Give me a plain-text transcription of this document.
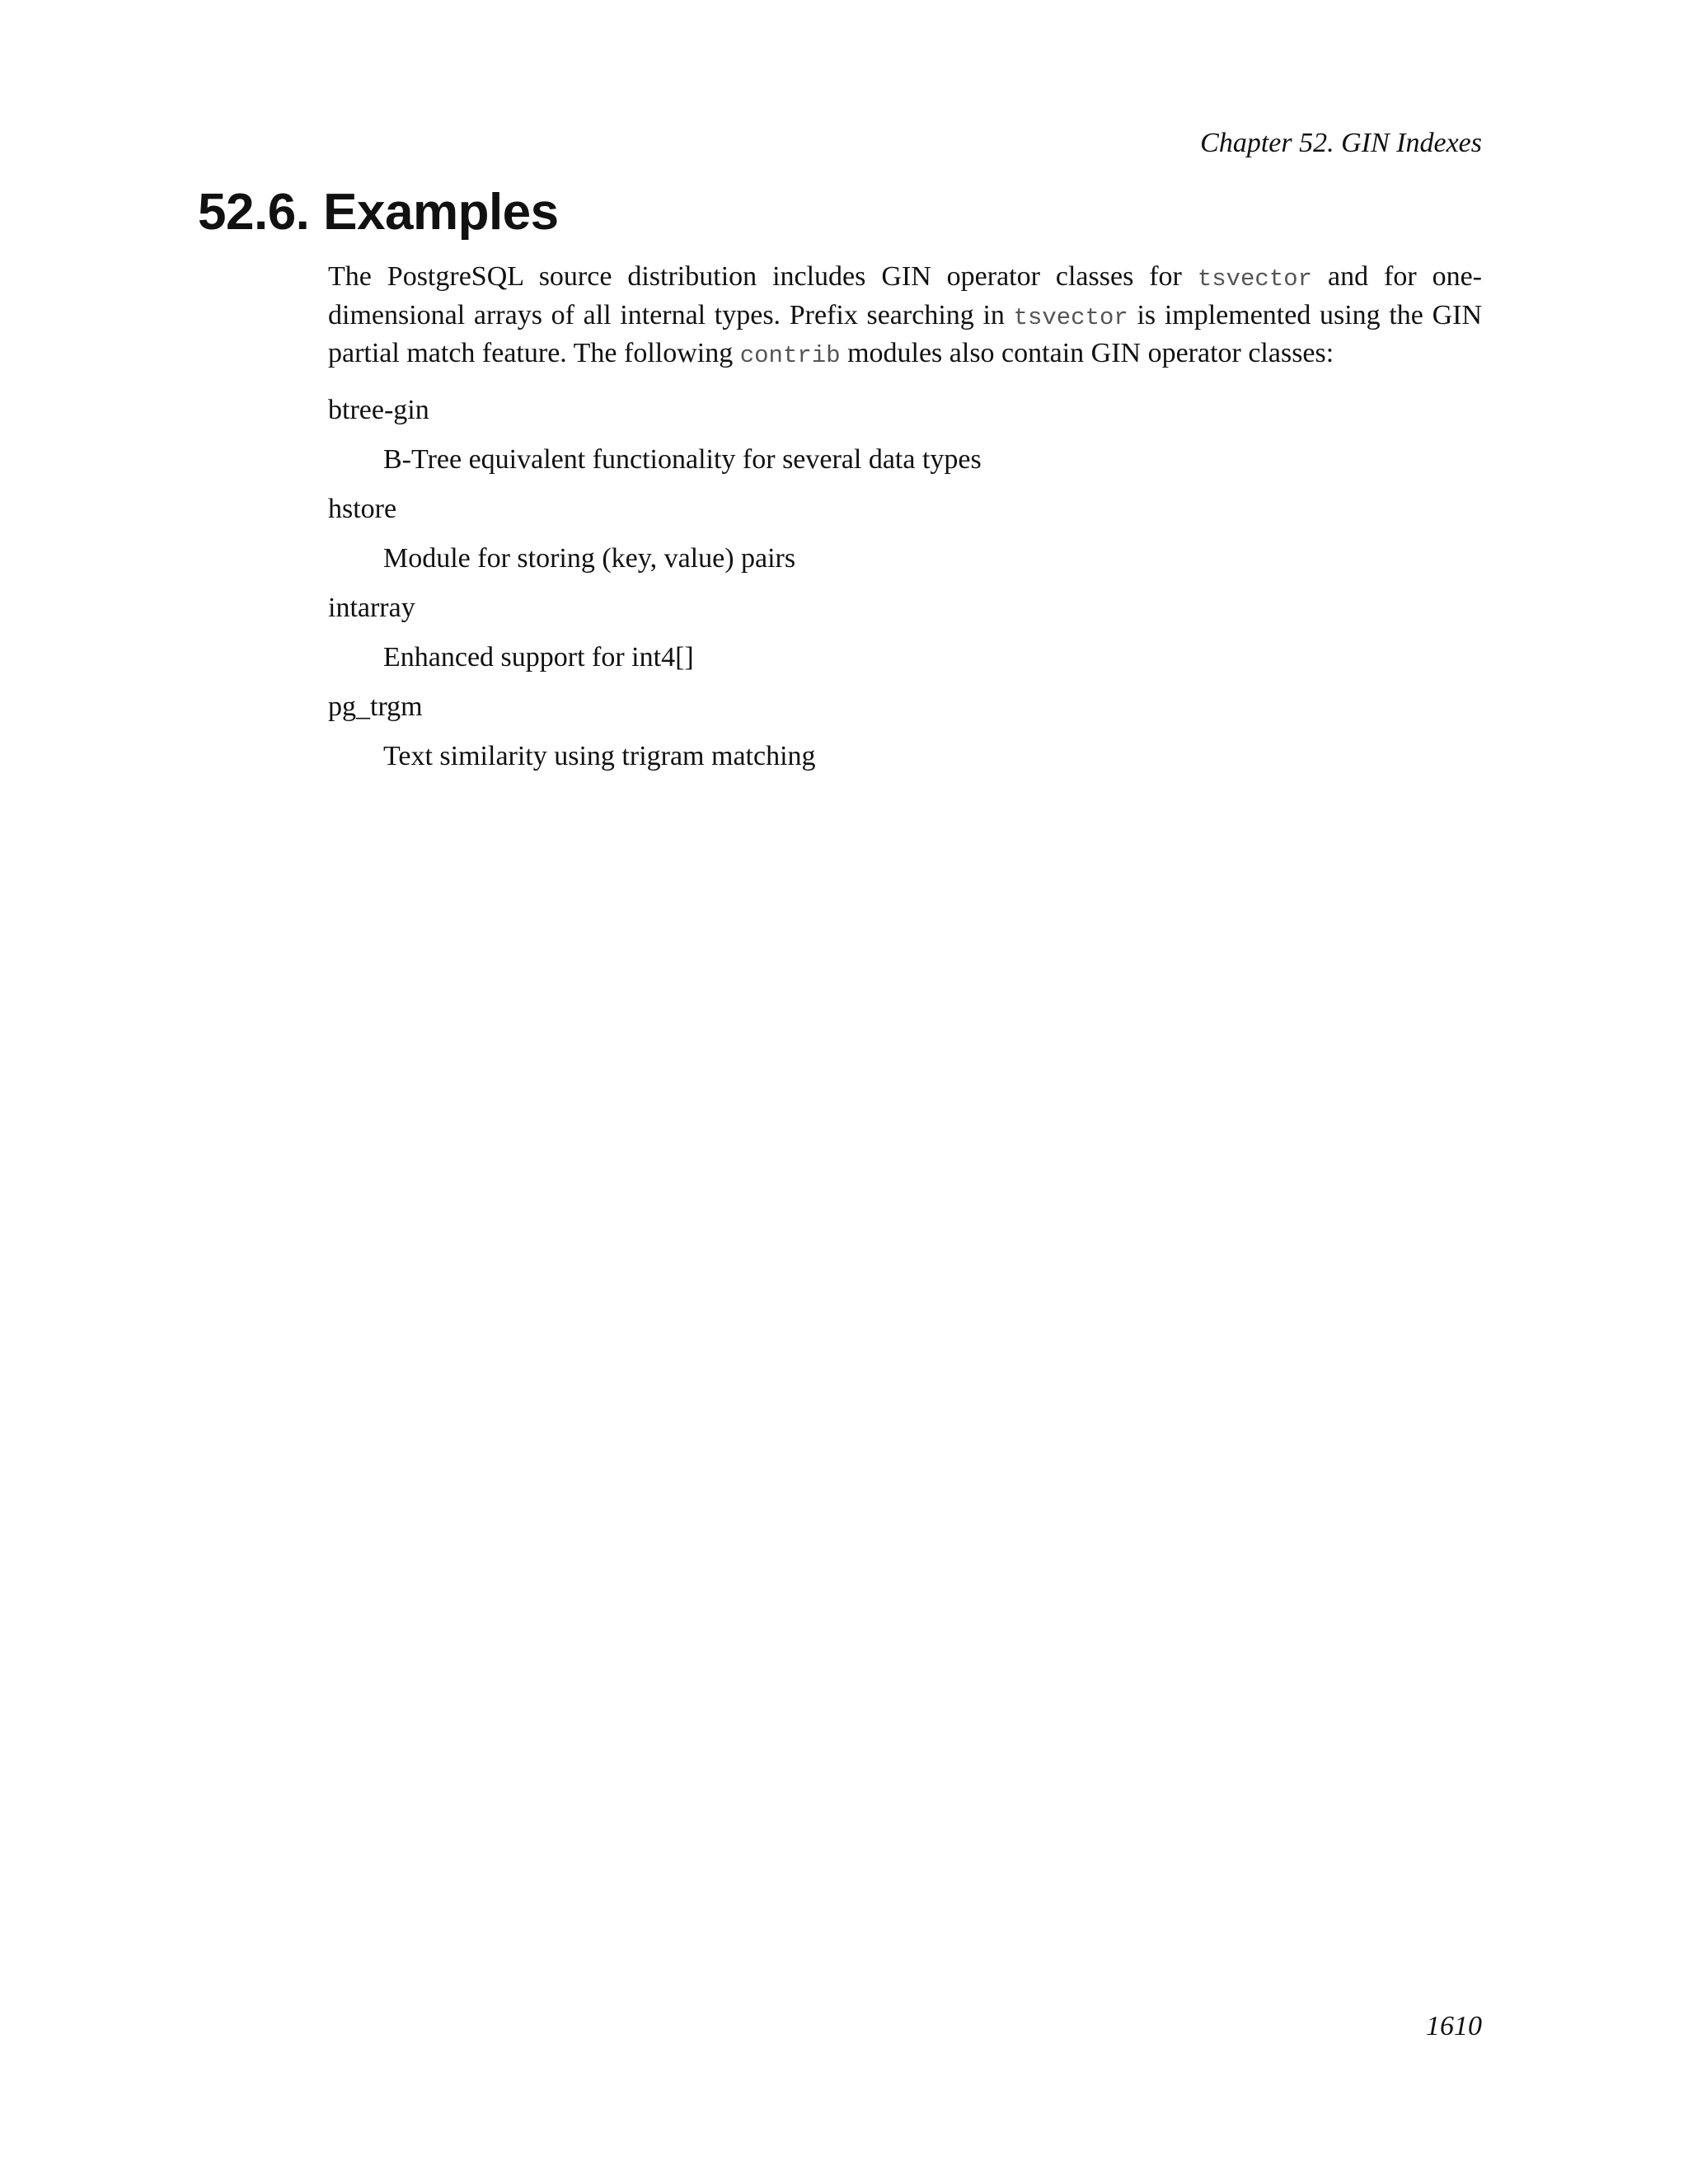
Chapter 52. GIN Indexes
52.6. Examples

The PostgreSQL source distribution includes GIN operator classes for tsvector and for one-dimensional arrays of all internal types. Prefix searching in tsvector is implemented using the GIN partial match feature. The following contrib modules also contain GIN operator classes:

btree-gin
B-Tree equivalent functionality for several data types
hstore
Module for storing (key, value) pairs
intarray
Enhanced support for int4[]
pg_trgm
Text similarity using trigram matching
1610
